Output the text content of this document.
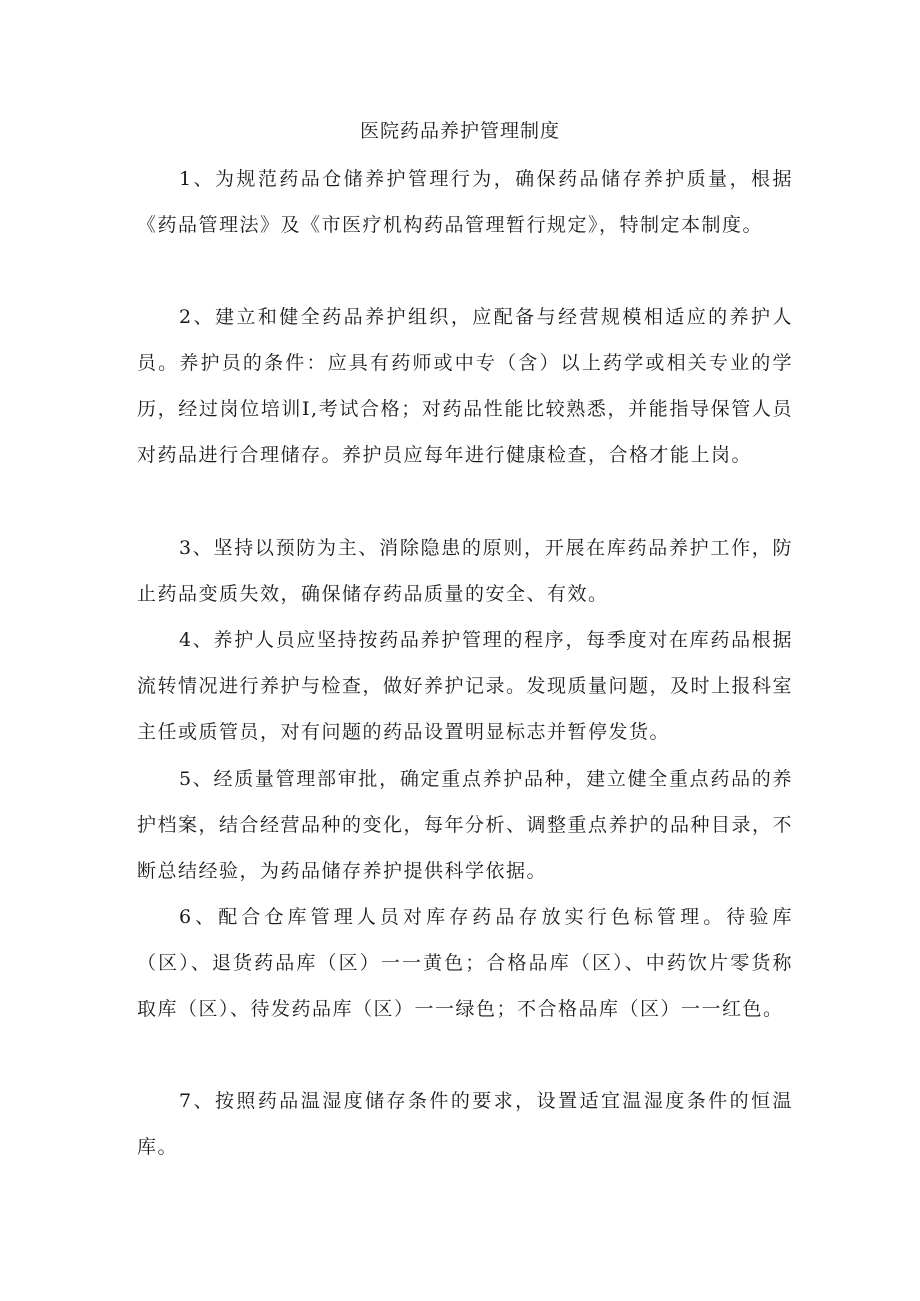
医院药品养护管理制度

1、为规范药品仓储养护管理行为，确保药品储存养护质量，根据《药品管理法》及《市医疗机构药品管理暂行规定》，特制定本制度。

2、建立和健全药品养护组织，应配备与经营规模相适应的养护人员。养护员的条件：应具有药师或中专（含）以上药学或相关专业的学历，经过岗位培训I,考试合格；对药品性能比较熟悉，并能指导保管人员对药品进行合理储存。养护员应每年进行健康检查，合格才能上岗。

3、坚持以预防为主、消除隐患的原则，开展在库药品养护工作，防止药品变质失效，确保储存药品质量的安全、有效。

4、养护人员应坚持按药品养护管理的程序，每季度对在库药品根据流转情况进行养护与检查，做好养护记录。发现质量问题，及时上报科室主任或质管员，对有问题的药品设置明显标志并暂停发货。

5、经质量管理部审批，确定重点养护品种，建立健全重点药品的养护档案，结合经营品种的变化，每年分析、调整重点养护的品种目录，不断总结经验，为药品储存养护提供科学依据。

6、配合仓库管理人员对库存药品存放实行色标管理。待验库（区）、退货药品库（区）一一黄色；合格品库（区）、中药饮片零货称取库（区）、待发药品库（区）一一绿色；不合格品库（区）一一红色。

7、按照药品温湿度储存条件的要求，设置适宜温湿度条件的恒温库。
